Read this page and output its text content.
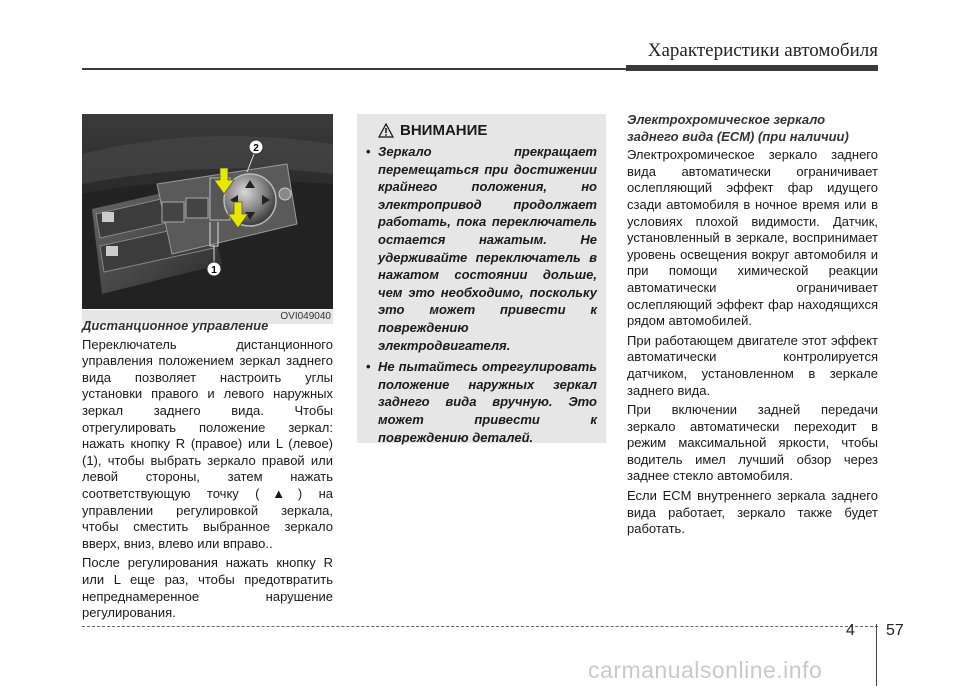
Характеристики автомобиля
1
2
OVI049040
Дистанционное управление

Переключатель дистанционного управления положением зеркал заднего вида позволяет настроить углы установки правого и левого наружных зеркал заднего вида. Чтобы отрегулировать положение зеркал: нажать кнопку R (правое) или L (левое) (1), чтобы выбрать зеркало правой или левой стороны, затем нажать соответствующую точку (▲) на управлении регулировкой зеркала, чтобы сместить выбранное зеркало вверх, вниз, влево или вправо..

После регулирования нажать кнопку R или L еще раз, чтобы предотвратить непреднамеренное нарушение регулирования.

ВНИМАНИЕ
• Зеркало прекращает перемещаться при достижении крайнего положения, но электропривод продолжает работать, пока переключатель остается нажатым. Не удерживайте переключатель в нажатом состоянии дольше, чем это необходимо, поскольку это может привести к повреждению электродвигателя.
• Не пытайтесь отрегулировать положение наружных зеркал заднего вида вручную. Это может привести к повреждению деталей.
Электрохромическое зеркало заднего вида (ECM) (при наличии)

Электрохромическое зеркало заднего вида автоматически ограничивает ослепляющий эффект фар идущего сзади автомобиля в ночное время или в условиях плохой видимости. Датчик, установленный в зеркале, воспринимает уровень освещения вокруг автомобиля и при помощи химической реакции автоматически ограничивает ослепляющий эффект фар находящихся рядом автомобилей.

При работающем двигателе этот эффект автоматически контролируется датчиком, установленном в зеркале заднего вида.

При включении задней передачи зеркало автоматически переходит в режим максимальной яркости, чтобы водитель имел лучший обзор через заднее стекло автомобиля.

Если ECM внутреннего зеркала заднего вида работает, зеркало также будет работать.

4 57
carmanualsonline.info
